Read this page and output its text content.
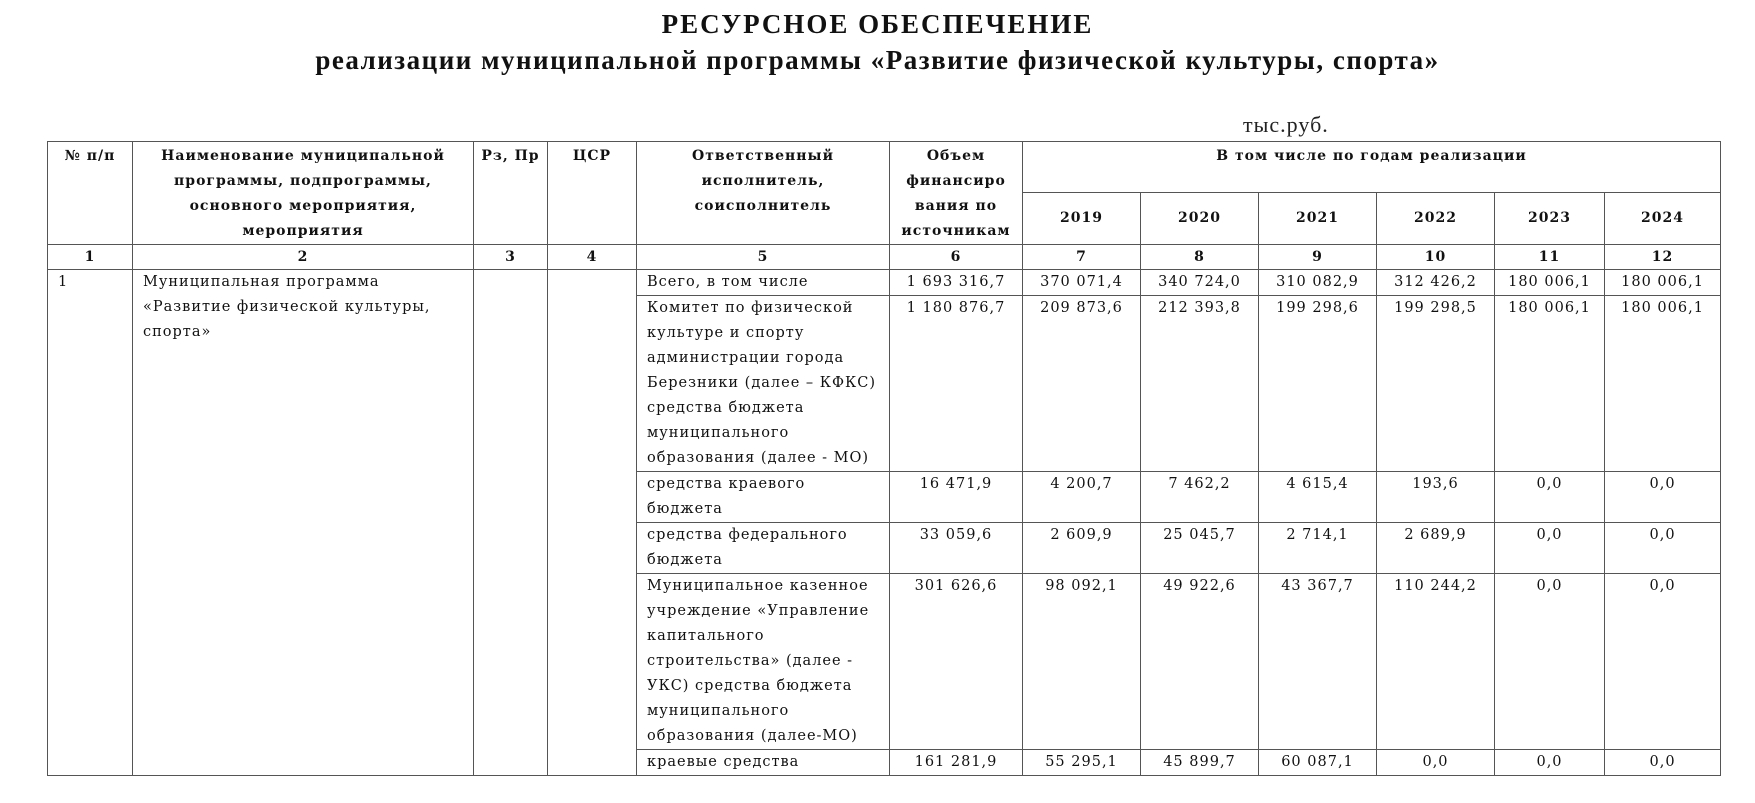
РЕСУРСНОЕ ОБЕСПЕЧЕНИЕ
реализации муниципальной программы «Развитие физической культуры, спорта»
тыс.руб.
№ п/п	Наименование муниципальной программы, подпрограммы, основного мероприятия, мероприятия	Рз, Пр	ЦСР	Ответственный исполнитель, соисполнитель	Объем финансиро вания по источникам	В том числе по годам реализации					
						2019	2020	2021	2022	2023	2024
1	2	3	4	5	6	7	8	9	10	11	12
1	Муниципальная программа «Развитие физической культуры, спорта»			Всего, в том числе	1 693 316,7	370 071,4	340 724,0	310 082,9	312 426,2	180 006,1	180 006,1
				Комитет по физической культуре и спорту администрации города Березники (далее – КФКС) средства бюджета муниципального образования (далее - МО)	1 180 876,7	209 873,6	212 393,8	199 298,6	199 298,5	180 006,1	180 006,1
				средства краевого бюджета	16 471,9	4 200,7	7 462,2	4 615,4	193,6	0,0	0,0
				средства федерального бюджета	33 059,6	2 609,9	25 045,7	2 714,1	2 689,9	0,0	0,0
				Муниципальное казенное учреждение «Управление капитального строительства» (далее - УКС) средства бюджета муниципального образования (далее-МО)	301 626,6	98 092,1	49 922,6	43 367,7	110 244,2	0,0	0,0
				краевые средства	161 281,9	55 295,1	45 899,7	60 087,1	0,0	0,0	0,0
